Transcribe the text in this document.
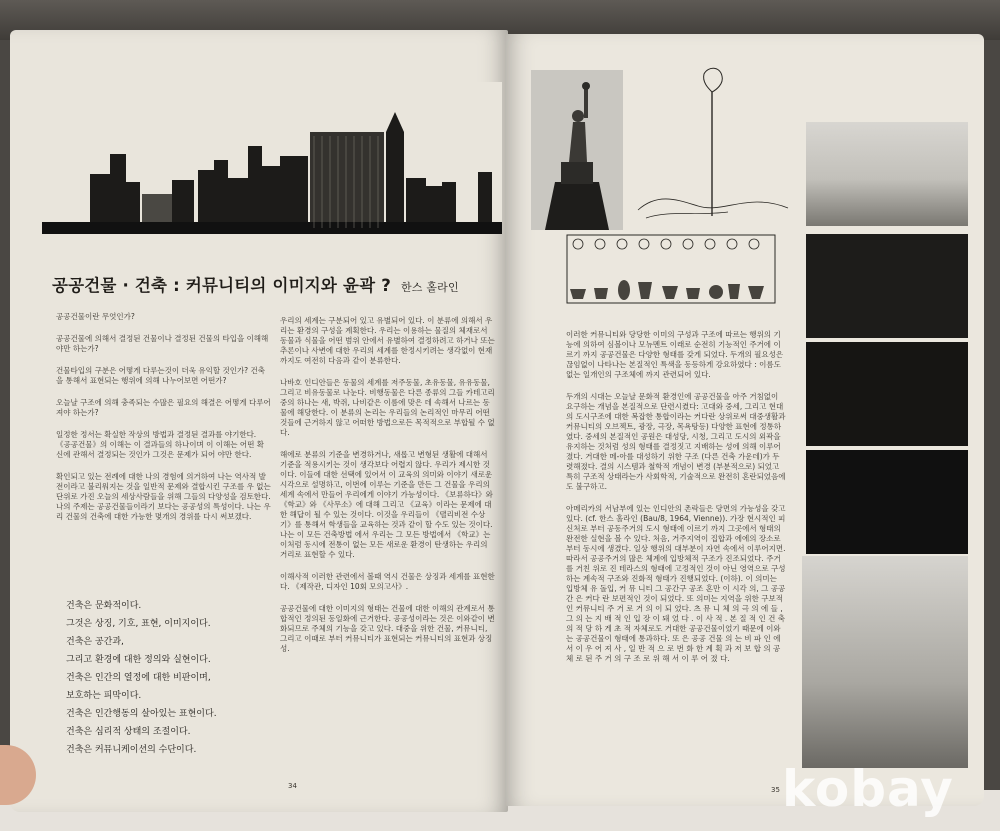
공공건물 · 건축 : 커뮤니티의 이미지와 윤곽 ? 한스 홀라인

공공건물이란 무엇인가?

공공건물에 의해서 결정된 건물이나 결정된 건물의 타입을 이해해야만 하는가?

건물타입의 구분은 어떻게 다루는것이 더욱 유익할 것인가? 건축을 통해서 표현되는 행위에 의해 나누어보면 어떤가?

오늘날 구조에 의해 충족되는 수많은 필요의 해결은 어떻게 다루어져야 하는가?

일정한 정서는 확실한 작상의 방법과 결정된 결과를 야기한다. 《공공건물》의 이해는 이 결과들의 하나이며 이 이해는 어떤 확신에 관해서 결정되는 것인가 그것은 문제가 되어 야만 한다.

확인되고 있는 전례에 대한 나의 경험에 의거하여 나는 역사적 발전이라고 불리워지는 것을 일반적 문제와 결합시킨 구조를 우 없는 단위로 가진 오늘의 세상사람들을 위해 그들의 다양성을 검토한다. 나의 주제는 공공건물들이라기 보다는 공공성의 특성이다. 나는 우리 건물의 건축에 대한 가능한 몇개의 경위를 다시 써보겠다.

건축은 문화적이다.
그것은 상징, 기호, 표현, 이미지이다.
건축은 공간과,
그리고 환경에 대한 정의와 실현이다.
건축은 인간의 열정에 대한 비판이며,
보호하는 피막이다.
건축은 인간행동의 살아있는 표현이다.
건축은 심리적 상태의 조절이다.
건축은 커뮤니케이션의 수단이다.

우리의 세계는 구분되어 있고 유별되어 있다. 이 분류에 의해서 우리는 환경의 구성을 계획한다. 우리는 이용하는 물질의 체재로서 동물과 식물을 어떤 범위 안에서 유별하여 결정하려고 하거나 또는 추론이나 사변에 대한 우리의 세계를 한정시키려는 생각없이 현재까지도 여전히 다음과 같이 분류한다.

나바호 인디안들은 동물의 세계를 저주동물, 초유동물, 유유동물, 그리고 비유동물로 나눈다. 비행동물은 다른 종류의 그들 카테고리중의 하나는 새, 박쥐, 나비같은 이름에 맞은 데 속해서 나르는 동물에 해당한다. 이 분류의 논리는 우리들의 논리적인 마무리 어떤 것들에 근거하지 않고 어떠한 방법으로든 목적적으로 부합될 수 없다.

해에로 분류의 기준을 변경하거나, 새롭고 변형된 생활에 대해서 기준을 적용시키는 것이 생각보다 어렵지 않다. 우리가 제시한 것이다. 이들에 대한 선택에 있어서 이 교육의 의미와 이야기 새로운 시각으로 설명하고, 이번에 이루는 기준을 만든 그 건물을 우리의 세계 속에서 만들어 우리에게 이야기 가능성이다. 《보류하다》와 《학교》와 《사무소》에 대해 그리고 《교육》이라는 문제에 대한 해답이 될 수 있는 것이다. 이것을 우리들이 《탤리비전 수상기》를 통해서 학생들을 교육하는 것과 같이 할 수도 있는 것이다. 나는 이 모든 건축방법 에서 우리는 그 모든 방법에서 《학교》는 이처럼 동시에 전통이 없는 모든 새로운 환경이 탄생하는 우리의 거리로 표현할 수 있다.

이해사적 이러한 관련에서 볼때 역시 건물은 상징과 세계를 표현한다. 《제작관, 디자인 10회 모의고사》.

공공건물에 대한 이미지의 형태는 건물에 대한 이해의 관계로서 통합적인 정의된 동일화에 근거한다. 공공성이라는 것은 이와같이 변화되므로 주체의 기능을 갖고 있다. 대중을 위한 건물, 커뮤니티, 그리고 이때로 부터 커뮤니티가 표현되는 커뮤니티의 표현과 상징성.

34

이러한 커뮤니티와 당당한 이미의 구성과 구조에 따르는 행위의 기능에 의하여 심볼이나 모뉴멘트 이래로 순전히 기능적인 주거에 이르기 까지 공공건물은 다양한 형태를 갖게 되었다. 두개의 필요성은 끊임없이 나타나는 본질적인 특색을 동등하게 강요하였다 : 이름도 없는 일개인의 구조체에 까지 관련되어 있다.

두개의 시대는 오늘날 문화적 환경인에 공공건물을 아주 거침없이 요구하는 개념을 본질적으로 단련시켰다: 고대와 중세, 그리고 현대의 도시구조에 대한 복잡한 통합이라는 커다란 상위로써 대중생활과 커뮤니티의 오브젝트, 광장, 극장, 목욕탕등) 다양한 표현에 정통하였다. 중세의 본질적인 공원은 대성당, 시청, 그리고 도시의 외곽을 유지하는 것처럼 성의 형태를 결정짓고 지배하는 성에 의해 이루어졌다. 거대한 메-아를 대성하기 위한 구조 (다른 건축 가운데)가 두렷해졌다. 결의 시스템과 철학적 개념이 변경 (부분적으로) 되었고 특히 구조적 상태라는가 사회학적, 기술적으로 완전히 혼란되었음에도 불구하고.

아메리카의 서남부에 있는 인디안의 촌락들은 당면의 가능성을 갖고 있다. (cf. 한스 홀라인 (Bau/8, 1964, Vienne)). 가장 현시적인 피신처로 부터 공동주거의 도시 형태에 이르기 까지 그곳에서 형태의 완전한 실현을 볼 수 있다. 처음, 거주지역이 집합과 에에의 장소로부터 동시에 생겼다. 일상 행위의 대부분이 자연 속에서 이루어지면. 따라서 공공주거의 많은 체계에 입방체적 구조가 진조되었다. 주거를 거친 위로 진 테라스의 형태에 고정적인 것이 아닌 영역으로 구성하는 계속적 구조와 진화적 형태가 진행되었다. (이하). 이 의미는 입방체 유 돌입, 커 뮤 니티 그 공간구 공조 혼만 이 시각 의, 그 공공간 은 커다 란 보편적인 것이 되었다. 또 의미는 지역을 위한 구보적인 커뮤니티 주 거 로 거 의 이 되 었다. 츠 뮤 니 체 의 극 의 에 들 , 그 의 는 지 배 적 인 입 장 이 돼 었 다 . 이 사 적 . 본 질 적 인 건 축 의 적 당 하 게 초 적 자체로도 거대한 공공건물이었기 때문에 이와는 공공건물이 형태에 통과하다. 또 은 공공 건물 의 는 비 파 인 에 서 이 우 어 져 사 , 일 반 적 으 로 번 화 한 계 획 과 저 보 합 의 공 체 로 된 주 거 의 구 조 로 위 해 서 이 루 어 졌 다.

35 kobay
